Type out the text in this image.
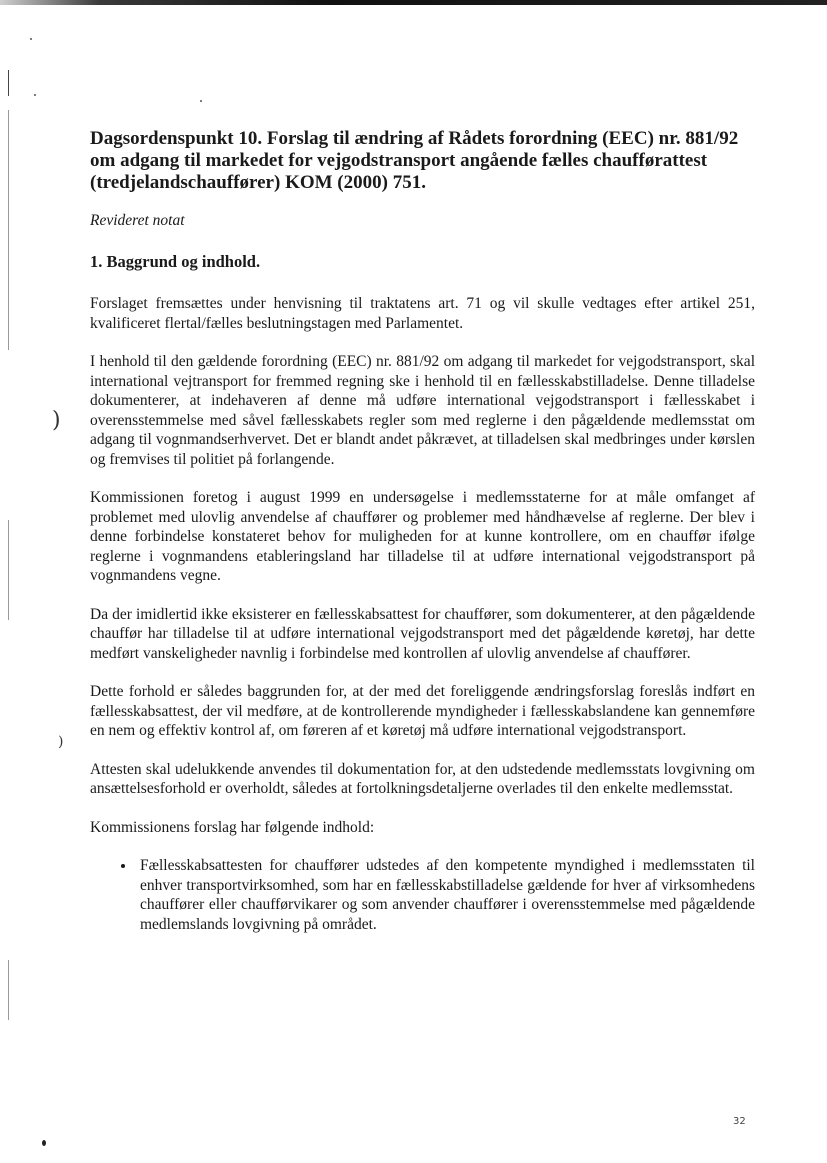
)
)
Dagsordenspunkt 10. Forslag til ændring af Rådets forordning (EEC) nr. 881/92 om adgang til markedet for vejgodstransport angående fælles chaufførattest (tredjelandschauffører) KOM (2000) 751.
Revideret notat
1. Baggrund og indhold.

Forslaget fremsættes under henvisning til traktatens art. 71 og vil skulle vedtages efter artikel 251, kvalificeret flertal/fælles beslutningstagen med Parlamentet.

I henhold til den gældende forordning (EEC) nr. 881/92 om adgang til markedet for vejgodstransport, skal international vejtransport for fremmed regning ske i henhold til en fællesskabstilladelse. Denne tilladelse dokumenterer, at indehaveren af denne må udføre international vejgodstransport i fællesskabet i overensstemmelse med såvel fællesskabets regler som med reglerne i den pågældende medlemsstat om adgang til vognmandserhvervet. Det er blandt andet påkrævet, at tilladelsen skal medbringes under kørslen og fremvises til politiet på forlangende.

Kommissionen foretog i august 1999 en undersøgelse i medlemsstaterne for at måle omfanget af problemet med ulovlig anvendelse af chauffører og problemer med håndhævelse af reglerne. Der blev i denne forbindelse konstateret behov for muligheden for at kunne kontrollere, om en chauffør ifølge reglerne i vognmandens etableringsland har tilladelse til at udføre international vejgodstransport på vognmandens vegne.

Da der imidlertid ikke eksisterer en fællesskabsattest for chauffører, som dokumenterer, at den pågældende chauffør har tilladelse til at udføre international vejgodstransport med det pågældende køretøj, har dette medført vanskeligheder navnlig i forbindelse med kontrollen af ulovlig anvendelse af chauffører.

Dette forhold er således baggrunden for, at der med det foreliggende ændringsforslag foreslås indført en fællesskabsattest, der vil medføre, at de kontrollerende myndigheder i fællesskabslandene kan gennemføre en nem og effektiv kontrol af, om føreren af et køretøj må udføre international vejgodstransport.

Attesten skal udelukkende anvendes til dokumentation for, at den udstedende medlemsstats lovgivning om ansættelsesforhold er overholdt, således at fortolkningsdetaljerne overlades til den enkelte medlemsstat.

Kommissionens forslag har følgende indhold:

• Fællesskabsattesten for chauffører udstedes af den kompetente myndighed i medlemsstaten til enhver transportvirksomhed, som har en fællesskabstilladelse gældende for hver af virksomhedens chauffører eller chaufførvikarer og som anvender chauffører i overensstemmelse med pågældende medlemslands lovgivning på området.
32
